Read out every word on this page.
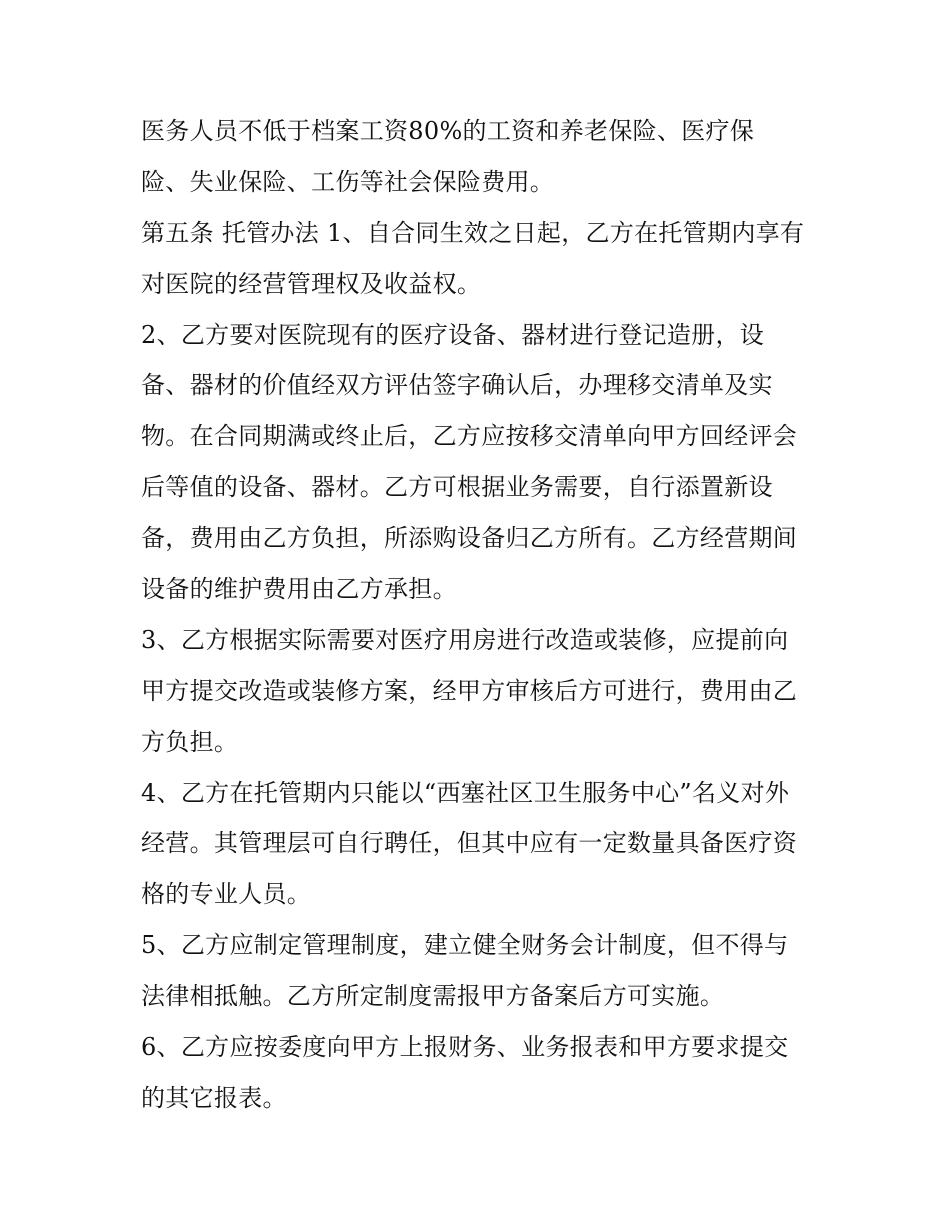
医务人员不低于档案工资80%的工资和养老保险、医疗保
险、失业保险、工伤等社会保险费用。
第五条 托管办法 1、自合同生效之日起，乙方在托管期内享有
对医院的经营管理权及收益权。
2、乙方要对医院现有的医疗设备、器材进行登记造册，设
备、器材的价值经双方评估签字确认后，办理移交清单及实
物。在合同期满或终止后，乙方应按移交清单向甲方回经评会
后等值的设备、器材。乙方可根据业务需要，自行添置新设
备，费用由乙方负担，所添购设备归乙方所有。乙方经营期间
设备的维护费用由乙方承担。
3、乙方根据实际需要对医疗用房进行改造或装修，应提前向
甲方提交改造或装修方案，经甲方审核后方可进行，费用由乙
方负担。
4、乙方在托管期内只能以“西塞社区卫生服务中心”名义对外
经营。其管理层可自行聘任，但其中应有一定数量具备医疗资
格的专业人员。
5、乙方应制定管理制度，建立健全财务会计制度，但不得与
法律相抵触。乙方所定制度需报甲方备案后方可实施。
6、乙方应按委度向甲方上报财务、业务报表和甲方要求提交
的其它报表。
